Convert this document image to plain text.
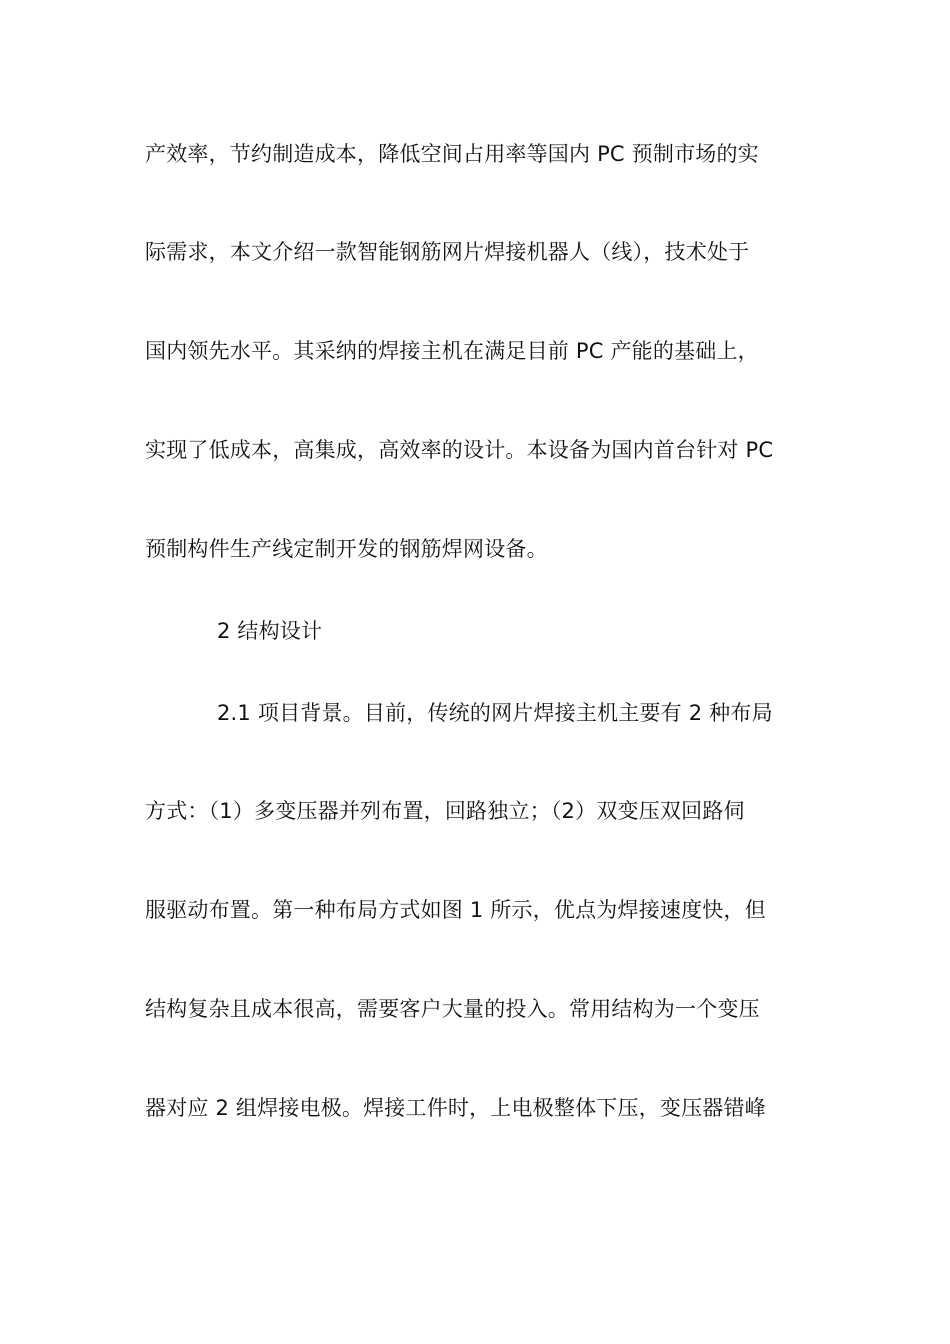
产效率，节约制造成本，降低空间占用率等国内 PC 预制市场的实
际需求，本文介绍一款智能钢筋网片焊接机器人（线），技术处于
国内领先水平。其采纳的焊接主机在满足目前 PC 产能的基础上，
实现了低成本，高集成，高效率的设计。本设备为国内首台针对 PC
预制构件生产线定制开发的钢筋焊网设备。
2 结构设计
2.1 项目背景。目前，传统的网片焊接主机主要有 2 种布局
方式：（1）多变压器并列布置，回路独立；（2）双变压双回路伺
服驱动布置。第一种布局方式如图 1 所示，优点为焊接速度快，但
结构复杂且成本很高，需要客户大量的投入。常用结构为一个变压
器对应 2 组焊接电极。焊接工件时，上电极整体下压，变压器错峰
